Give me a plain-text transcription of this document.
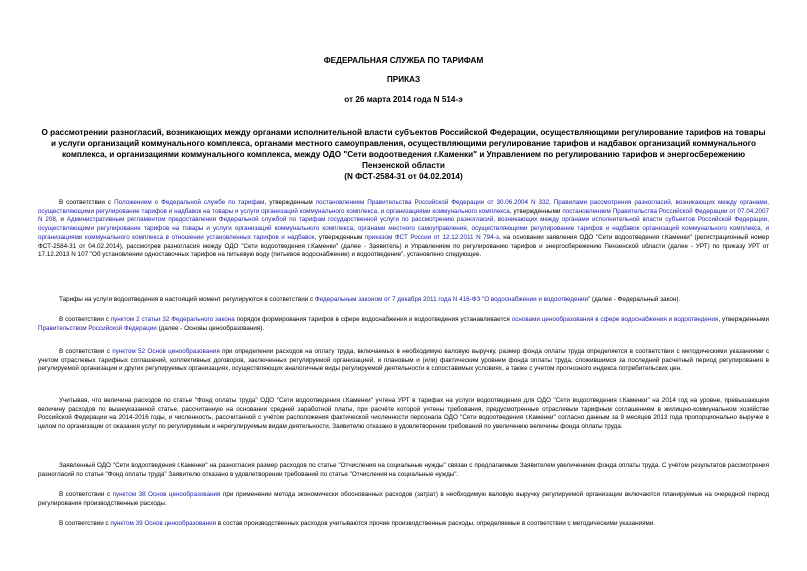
ФЕДЕРАЛЬНАЯ СЛУЖБА ПО ТАРИФАМ
ПРИКАЗ
от 26 марта 2014 года N 514-э
О рассмотрении разногласий, возникающих между органами исполнительной власти субъектов Российской Федерации, осуществляющими регулирование тарифов на товары и услуги организаций коммунального комплекса, органами местного самоуправления, осуществляющими регулирование тарифов и надбавок организаций коммунального комплекса, и организациями коммунального комплекса, между ОДО "Сети водоотведения г.Каменки" и Управлением по регулированию тарифов и энергосбережению Пензенской области
(N ФСТ-2584-31 от 04.02.2014)

В соответствии с Положением о Федеральной службе по тарифам, утвержденным постановлением Правительства Российской Федерации от 30.06.2004 N 332, Правилами рассмотрения разногласий, возникающих между органами, осуществляющими регулирование тарифов и надбавок на товары и услуги организаций коммунального комплекса, и организациями коммунального комплекса, утвержденными постановлением Правительства Российской Федерации от 07.04.2007 N 208, и Административным регламентом предоставления Федеральной службой по тарифам государственной услуги по рассмотрению разногласий, возникающих между органами исполнительной власти субъектов Российской Федерации, осуществляющими регулирование тарифов на товары и услуги организаций коммунального комплекса, органами местного самоуправления, осуществляющими регулирование тарифов и надбавок организаций коммунального комплекса, и организациями коммунального комплекса в отношении установленных тарифов и надбавок, утвержденным приказом ФСТ России от 12.12.2011 N 794-э, на основании заявления ОДО "Сети водоотведения г.Каменки" (регистрационный номер ФСТ-2584-31 от 04.02.2014), рассмотрев разногласия между ОДО "Сети водоотведения г.Каменки" (далее - Заявитель) и Управлением по регулированию тарифов и энергосбережению Пензенской области (далее - УРТ) по приказу УРТ от 17.12.2013 N 107 "Об установлении одноставочных тарифов на питьевую воду (питьевое водоснабжение) и водоотведение", установлено следующее.

Тарифы на услуги водоотведения в настоящий момент регулируются в соответствии с Федеральным законом от 7 декабря 2011 года N 416-ФЗ "О водоснабжении и водоотведении" (далее - Федеральный закон).

В соответствии с пунктом 2 статьи 32 Федерального закона порядок формирования тарифов в сфере водоснабжения и водоотведения устанавливается основами ценообразования в сфере водоснабжения и водоотведения, утвержденными Правительством Российской Федерации (далее - Основы ценообразования).

В соответствии с пунктом 52 Основ ценообразования при определении расходов на оплату труда, включаемых в необходимую валовую выручку, размер фонда оплаты труда определяется в соответствии с методическими указаниями с учетом отраслевых тарифных соглашений, коллективных договоров, заключенных регулируемой организацией, и плановым и (или) фактическим уровнем фонда оплаты труда, сложившимся за последний расчетный период регулирования в регулируемой организации и других регулируемых организациях, осуществляющих аналогичные виды регулируемой деятельности в сопоставимых условиях, а также с учетом прогнозного индекса потребительских цен.

Учитывая, что величина расходов по статье "Фонд оплаты труда" ОДО "Сети водоотведения г.Каменки" учтена УРТ в тарифах на услуги водоотведения для ОДО "Сети водоотведения г.Каменки" на 2014 год на уровне, превышающем величину расходов по вышеуказанной статье, рассчитанную на основании средней заработной платы, при расчёте которой учтены требования, предусмотренные отраслевым тарифным соглашением в жилищно-коммунальном хозяйстве Российской Федерации на 2014-2016 годы, и численность, рассчитанной с учётом расположения фактической численности персонала ОДО "Сети водоотведения г.Каменки" согласно данным за 9 месяцев 2013 года пропорционально выручке в целом по организации от оказания услуг по регулируемым и нерегулируемым видам деятельности, Заявителю отказано в удовлетворении требований по увеличению величины фонда оплаты труда.

Заявленный ОДО "Сети водоотведения г.Каменки" на разногласия размер расходов по статье "Отчисления на социальные нужды" связан с предлагаемым Заявителем увеличением фонда оплаты труда. С учётом результатов рассмотрения разногласий по статье "Фонд оплаты труда" Заявителю отказано в удовлетворении требований по статье "Отчисления на социальные нужды".

В соответствии с пунктом 38 Основ ценообразования при применении метода экономически обоснованных расходов (затрат) в необходимую валовую выручку регулируемой организации включаются планируемые на очередной период регулирования производственные расходы.

В соответствии с пунктом 39 Основ ценообразования в состав производственных расходов учитываются прочие производственные расходы, определяемые в соответствии с методическими указаниями.
